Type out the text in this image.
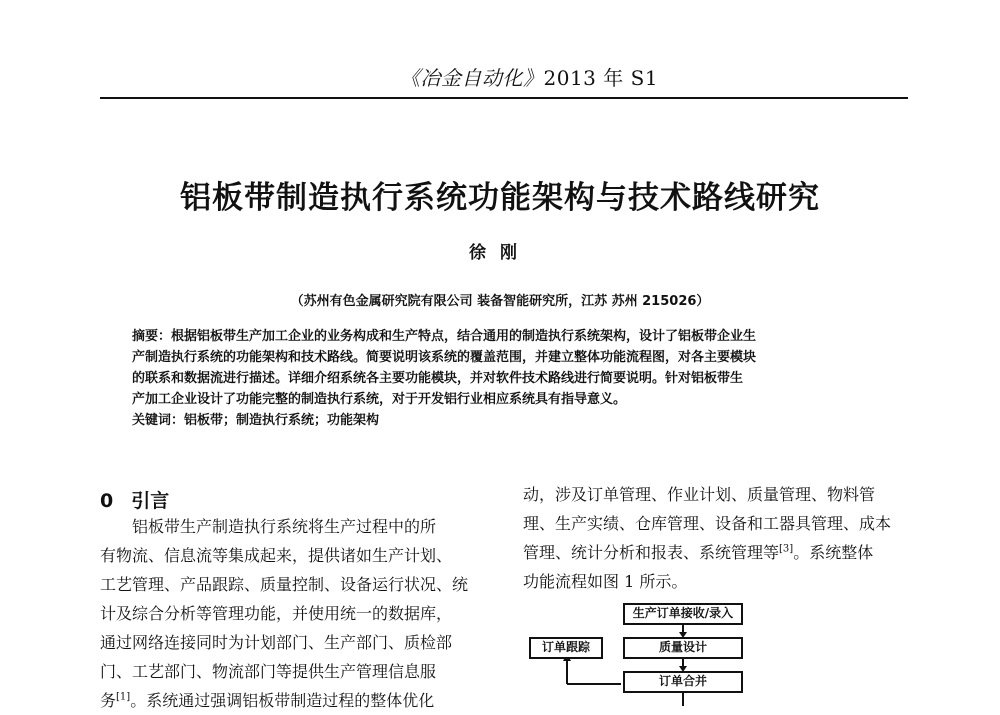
《冶金自动化》2013 年 S1
铝板带制造执行系统功能架构与技术路线研究
徐刚
（苏州有色金属研究院有限公司 装备智能研究所，江苏 苏州 215026）
摘要：根据铝板带生产加工企业的业务构成和生产特点，结合通用的制造执行系统架构，设计了铝板带企业生
产制造执行系统的功能架构和技术路线。简要说明该系统的覆盖范围，并建立整体功能流程图，对各主要模块
的联系和数据流进行描述。详细介绍系统各主要功能模块，并对软件技术路线进行简要说明。针对铝板带生
产加工企业设计了功能完整的制造执行系统，对于开发铝行业相应系统具有指导意义。
关键词：铝板带；制造执行系统；功能架构
0 引言
　　铝板带生产制造执行系统将生产过程中的所
有物流、信息流等集成起来，提供诸如生产计划、
工艺管理、产品跟踪、质量控制、设备运行状况、统
计及综合分析等管理功能，并使用统一的数据库，
通过网络连接同时为计划部门、生产部门、质检部
门、工艺部门、物流部门等提供生产管理信息服
务[1]。系统通过强调铝板带制造过程的整体优化
动，涉及订单管理、作业计划、质量管理、物料管
理、生产实绩、仓库管理、设备和工器具管理、成本
管理、统计分析和报表、系统管理等[3]。系统整体
功能流程如图 1 所示。
生产订单接收/录入
订单跟踪	质量设计
订单合并
